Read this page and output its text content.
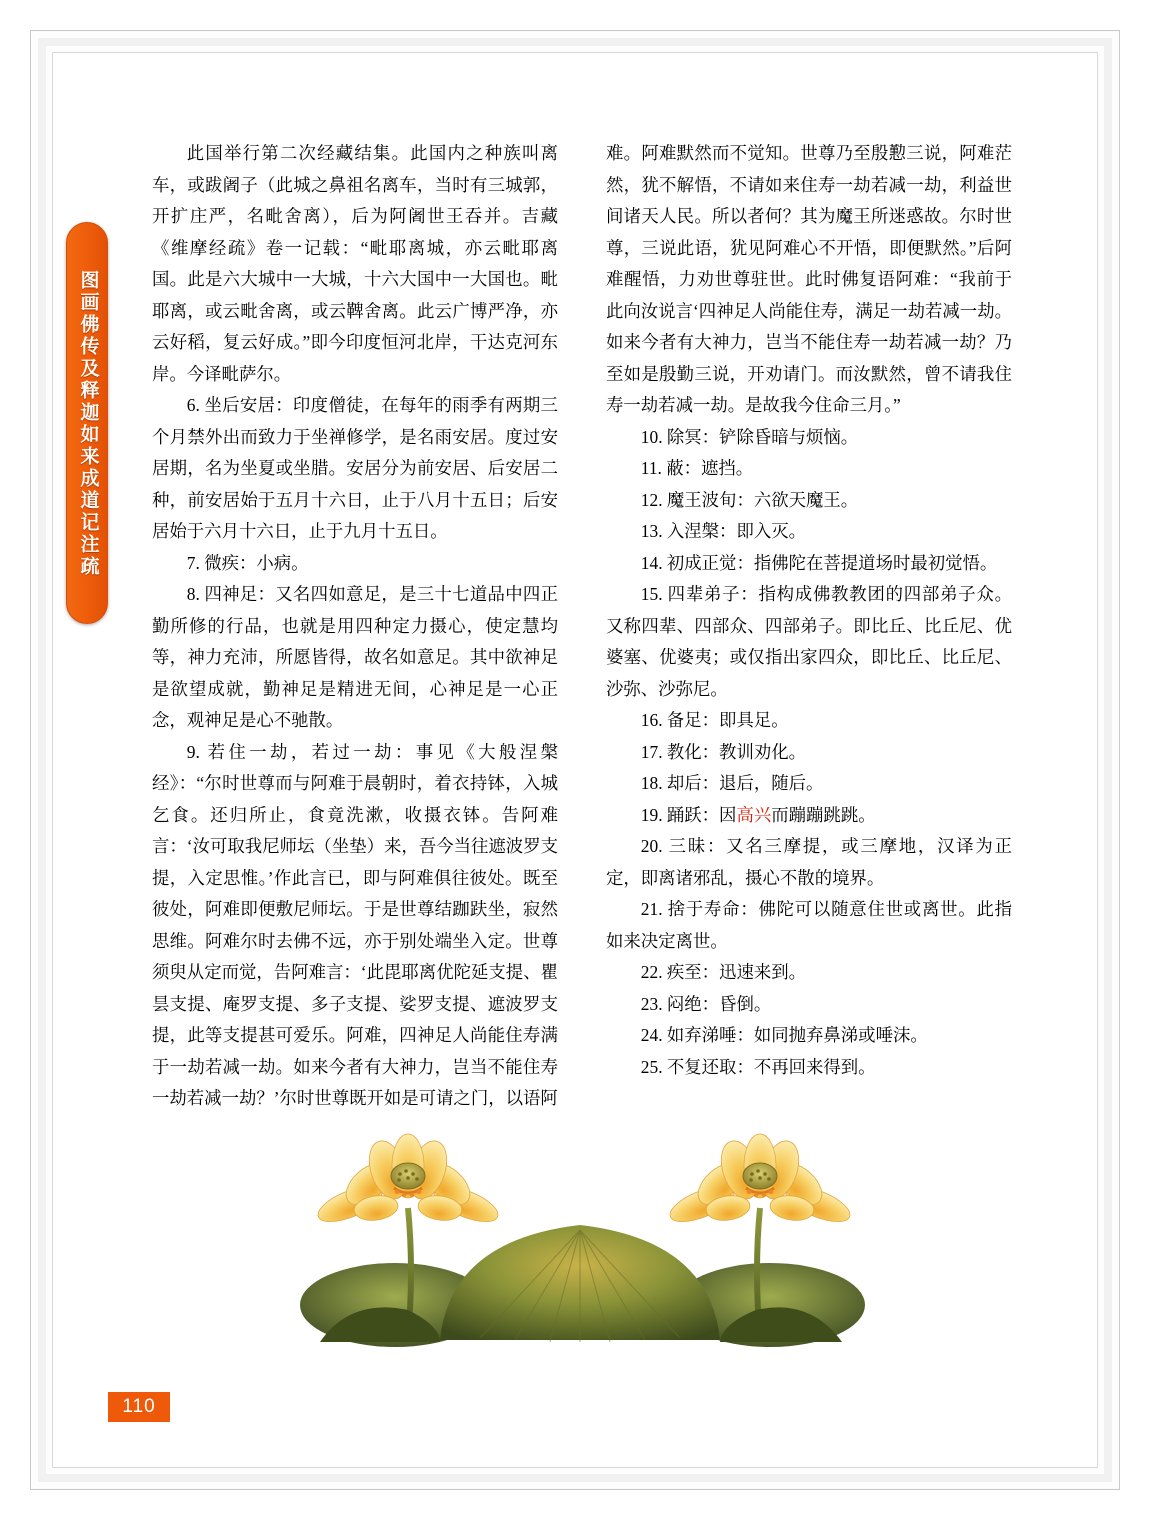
图画佛传及释迦如来成道记注疏

此国举行第二次经藏结集。此国内之种族叫离车，或跋阇子（此城之鼻祖名离车，当时有三城郭，开扩庄严，名毗舍离），后为阿阇世王吞并。吉藏《维摩经疏》卷一记载：“毗耶离城，亦云毗耶离国。此是六大城中一大城，十六大国中一大国也。毗耶离，或云毗舍离，或云鞞舍离。此云广博严净，亦云好稻，复云好成。”即今印度恒河北岸，干达克河东岸。今译毗萨尔。

6. 坐后安居：印度僧徒，在每年的雨季有两期三个月禁外出而致力于坐禅修学，是名雨安居。度过安居期，名为坐夏或坐腊。安居分为前安居、后安居二种，前安居始于五月十六日，止于八月十五日；后安居始于六月十六日，止于九月十五日。

7. 微疾：小病。

8. 四神足：又名四如意足，是三十七道品中四正勤所修的行品，也就是用四种定力摄心，使定慧均等，神力充沛，所愿皆得，故名如意足。其中欲神足是欲望成就，勤神足是精进无间，心神足是一心正念，观神足是心不驰散。

9. 若住一劫，若过一劫：事见《大般涅槃经》：“尔时世尊而与阿难于晨朝时，着衣持钵，入城乞食。还归所止，食竟洗漱，收摄衣钵。告阿难言：‘汝可取我尼师坛（坐垫）来，吾今当往遮波罗支提，入定思惟。’作此言已，即与阿难俱往彼处。既至彼处，阿难即便敷尼师坛。于是世尊结跏趺坐，寂然思维。阿难尔时去佛不远，亦于别处端坐入定。世尊须臾从定而觉，告阿难言：‘此毘耶离优陀延支提、瞿昙支提、庵罗支提、多子支提、娑罗支提、遮波罗支提，此等支提甚可爱乐。阿难，四神足人尚能住寿满于一劫若减一劫。如来今者有大神力，岂当不能住寿一劫若减一劫？’尔时世尊既开如是可请之门，以语阿

难。阿难默然而不觉知。世尊乃至殷懃三说，阿难茫然，犹不解悟，不请如来住寿一劫若减一劫，利益世间诸天人民。所以者何？其为魔王所迷惑故。尔时世尊，三说此语，犹见阿难心不开悟，即便默然。”后阿难醒悟，力劝世尊驻世。此时佛复语阿难：“我前于此向汝说言‘四神足人尚能住寿，满足一劫若减一劫。如来今者有大神力，岂当不能住寿一劫若减一劫？乃至如是殷勤三说，开劝请门。而汝默然，曾不请我住寿一劫若减一劫。是故我今住命三月。”

10. 除冥：铲除昏暗与烦恼。

11. 蔽：遮挡。

12. 魔王波旬：六欲天魔王。

13. 入涅槃：即入灭。

14. 初成正觉：指佛陀在菩提道场时最初觉悟。

15. 四辈弟子：指构成佛教教团的四部弟子众。又称四辈、四部众、四部弟子。即比丘、比丘尼、优婆塞、优婆夷；或仅指出家四众，即比丘、比丘尼、沙弥、沙弥尼。

16. 备足：即具足。

17. 教化：教训劝化。

18. 却后：退后，随后。

19. 踊跃：因高兴而蹦蹦跳跳。

20. 三昧：又名三摩提，或三摩地，汉译为正定，即离诸邪乱，摄心不散的境界。

21. 捨于寿命：佛陀可以随意住世或离世。此指如来决定离世。

22. 疾至：迅速来到。

23. 闷绝：昏倒。

24. 如弃涕唾：如同抛弃鼻涕或唾沫。

25. 不复还取：不再回来得到。

110
